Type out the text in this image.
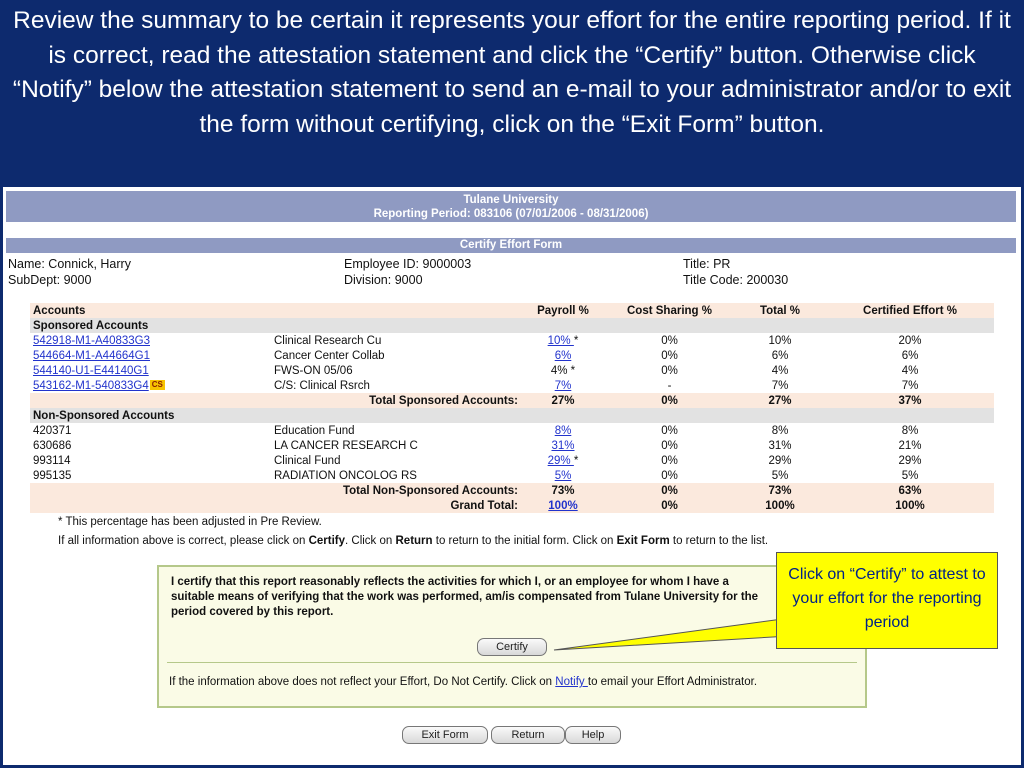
Review the summary to be certain it represents your effort for the entire reporting period. If it is correct, read the attestation statement and click the “Certify” button. Otherwise click “Notify” below the attestation statement to send an e-mail to your administrator and/or to exit the form without certifying, click on the “Exit Form” button.
Tulane University
Reporting Period: 083106 (07/01/2006 - 08/31/2006)
Certify Effort Form
Name: Connick, Harry	Employee ID: 9000003	Title: PR
SubDept: 9000	Division: 9000	Title Code: 200030
Accounts		Payroll %	Cost Sharing %	Total %	Certified Effort %
Sponsored Accounts					
542918-M1-A40833G3	Clinical Research Cu	10% *	0%	10%	20%
544664-M1-A44664G1	Cancer Center Collab	6%	0%	6%	6%
544140-U1-E44140G1	FWS-ON 05/06	4% *	0%	4%	4%
543162-M1-540833G4 CS	C/S: Clinical Rsrch	7%	-	7%	7%
Total Sponsored Accounts:		27%	0%	27%	37%
Non-Sponsored Accounts					
420371	Education Fund	8%	0%	8%	8%
630686	LA CANCER RESEARCH C	31%	0%	31%	21%
993114	Clinical Fund	29% *	0%	29%	29%
995135	RADIATION ONCOLOG RS	5%	0%	5%	5%
Total Non-Sponsored Accounts:		73%	0%	73%	63%
Grand Total:		100%	0%	100%	100%
* This percentage has been adjusted in Pre Review.
If all information above is correct, please click on Certify. Click on Return to return to the initial form. Click on Exit Form to return to the list.
I certify that this report reasonably reflects the activities for which I, or an employee for whom I have a suitable means of verifying that the work was performed, am/is compensated from Tulane University for the period covered by this report.
Certify
If the information above does not reflect your Effort, Do Not Certify. Click on Notify to email your Effort Administrator.
Exit Form	Return	Help
Click on “Certify” to attest to your effort for the reporting period
